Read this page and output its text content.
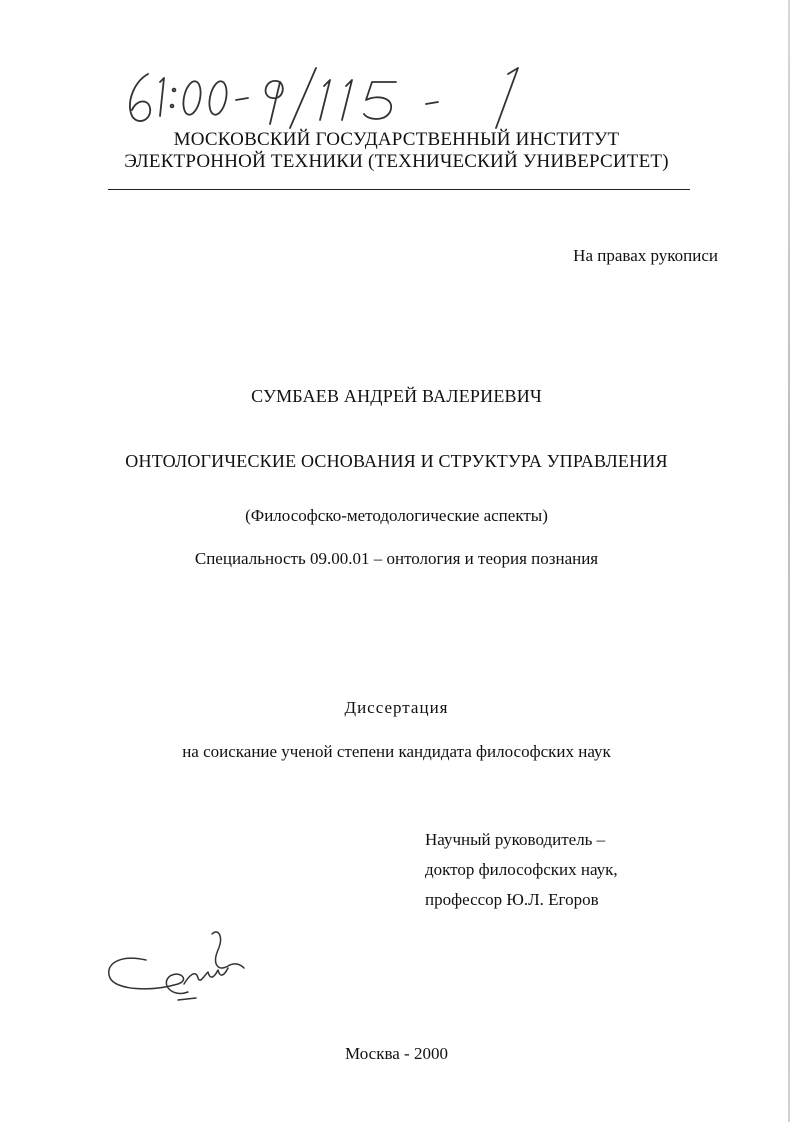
МОСКОВСКИЙ ГОСУДАРСТВЕННЫЙ ИНСТИТУТ
ЭЛЕКТРОННОЙ ТЕХНИКИ (ТЕХНИЧЕСКИЙ УНИВЕРСИТЕТ)
На правах рукописи
СУМБАЕВ АНДРЕЙ ВАЛЕРИЕВИЧ
ОНТОЛОГИЧЕСКИЕ ОСНОВАНИЯ И СТРУКТУРА УПРАВЛЕНИЯ
(Философско-методологические аспекты)
Специальность 09.00.01 – онтология и теория познания
Диссертация
на соискание ученой степени кандидата философских наук
Научный руководитель –
доктор философских наук,
профессор Ю.Л. Егоров
Москва - 2000
